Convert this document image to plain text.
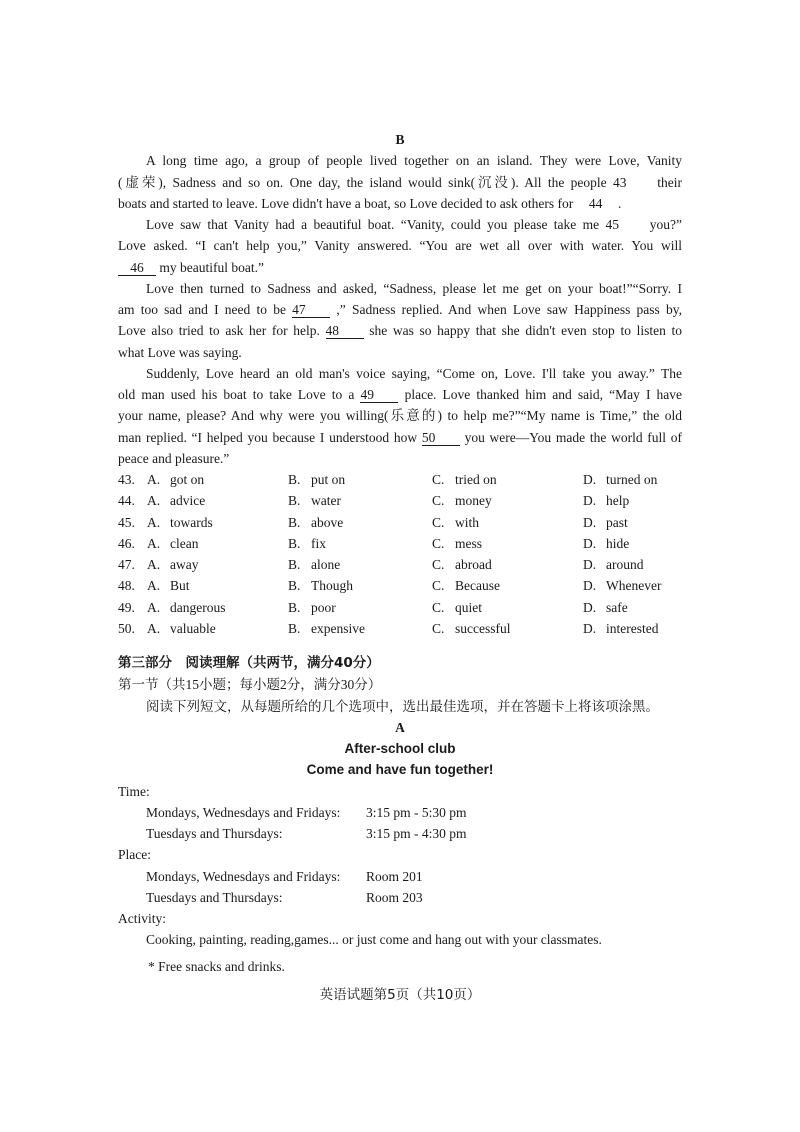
B
A long time ago, a group of people lived together on an island. They were Love, Vanity
(虚荣), Sadness and so on. One day, the island would sink(沉没). All the people 43 their
boats and started to leave. Love didn't have a boat, so Love decided to ask others for 44 .
Love saw that Vanity had a beautiful boat. “Vanity, could you please take me 45 you?”
Love asked. “I can't help you,” Vanity answered. “You are wet all over with water. You will
46 my beautiful boat.”
Love then turned to Sadness and asked, “Sadness, please let me get on your boat!”“Sorry. I
am too sad and I need to be 47 ,” Sadness replied. And when Love saw Happiness pass by,
Love also tried to ask her for help. 48 she was so happy that she didn't even stop to listen to
what Love was saying.
Suddenly, Love heard an old man's voice saying, “Come on, Love. I'll take you away.” The
old man used his boat to take Love to a 49 place. Love thanked him and said, “May I have
your name, please? And why were you willing(乐意的) to help me?”“My name is Time,” the old
man replied. “I helped you because I understood how 50 you were—You made the world full of
peace and pleasure.”
43. A. got on	B. put on	C. tried on	D. turned on
44. A. advice	B. water	C. money	D. help
45. A. towards	B. above	C. with	D. past
46. A. clean	B. fix	C. mess	D. hide
47. A. away	B. alone	C. abroad	D. around
48. A. But	B. Though	C. Because	D. Whenever
49. A. dangerous	B. poor	C. quiet	D. safe
50. A. valuable	B. expensive	C. successful	D. interested
第三部分　阅读理解（共两节，满分40分）
第一节（共15小题；每小题2分，满分30分）
阅读下列短文，从每题所给的几个选项中，选出最佳选项，并在答题卡上将该项涂黑。
A
After-school club
Come and have fun together!
Time:
Mondays, Wednesdays and Fridays: 3:15 pm - 5:30 pm
Tuesdays and Thursdays:	3:15 pm - 4:30 pm
Place:
Mondays, Wednesdays and Fridays: Room 201
Tuesdays and Thursdays:	Room 203
Activity:
Cooking, painting, reading,games... or just come and hang out with your classmates.
* Free snacks and drinks.
英语试题第5页（共10页）
